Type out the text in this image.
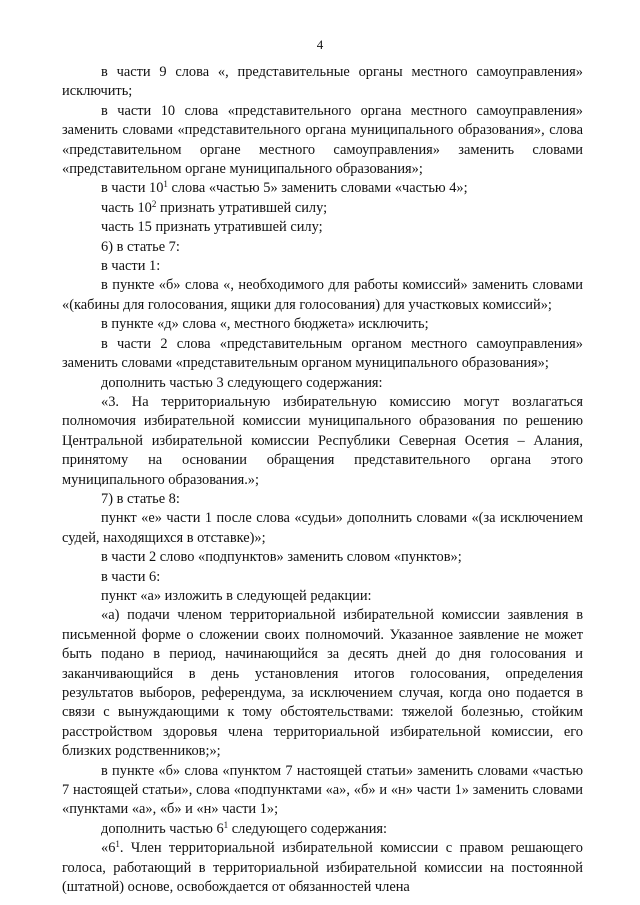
4

в части 9 слова «, представительные органы местного самоуправления» исключить;

в части 10 слова «представительного органа местного самоуправления» заменить словами «представительного органа муниципального образования», слова «представительном органе местного самоуправления» заменить словами «представительном органе муниципального образования»;

в части $10^1$ слова «частью 5» заменить словами «частью 4»;

часть $10^2$ признать утратившей силу;

часть 15 признать утратившей силу;

6) в статье 7:

в части 1:

в пункте «б» слова «, необходимого для работы комиссий» заменить словами «(кабины для голосования, ящики для голосования) для участковых комиссий»;

в пункте «д» слова «, местного бюджета» исключить;

в части 2 слова «представительным органом местного самоуправления» заменить словами «представительным органом муниципального образования»;

дополнить частью 3 следующего содержания:

«3. На территориальную избирательную комиссию могут возлагаться полномочия избирательной комиссии муниципального образования по решению Центральной избирательной комиссии Республики Северная Осетия – Алания, принятому на основании обращения представительного органа этого муниципального образования.»;

7) в статье 8:

пункт «е» части 1 после слова «судьи» дополнить словами «(за исключением судей, находящихся в отставке)»;

в части 2 слово «подпунктов» заменить словом «пунктов»;

в части 6:

пункт «а» изложить в следующей редакции:

«а) подачи членом территориальной избирательной комиссии заявления в письменной форме о сложении своих полномочий. Указанное заявление не может быть подано в период, начинающийся за десять дней до дня голосования и заканчивающийся в день установления итогов голосования, определения результатов выборов, референдума, за исключением случая, когда оно подается в связи с вынуждающими к тому обстоятельствами: тяжелой болезнью, стойким расстройством здоровья члена территориальной избирательной комиссии, его близких родственников;»;

в пункте «б» слова «пунктом 7 настоящей статьи» заменить словами «частью 7 настоящей статьи», слова «подпунктами «а», «б» и «н» части 1» заменить словами «пунктами «а», «б» и «н» части 1»;

дополнить частью $6^1$ следующего содержания:

«$6^1$. Член территориальной избирательной комиссии с правом решающего голоса, работающий в территориальной избирательной комиссии на постоянной (штатной) основе, освобождается от обязанностей члена
